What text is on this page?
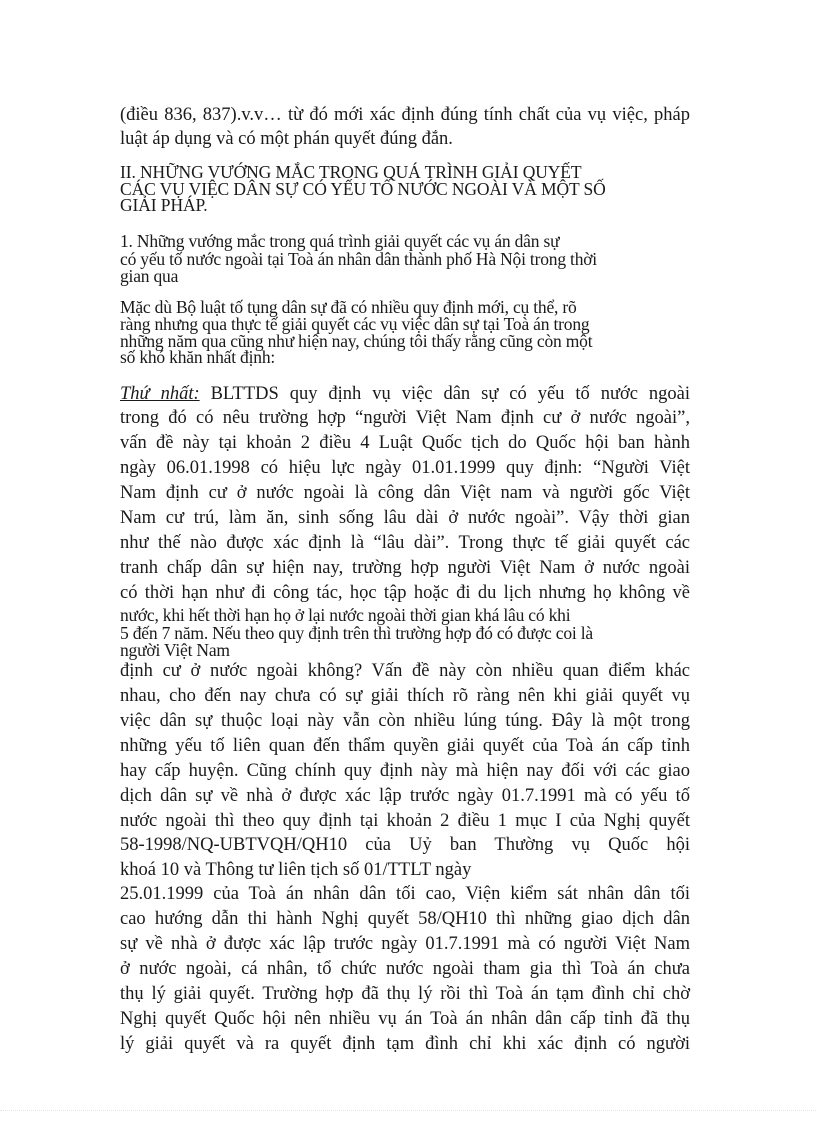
(điều 836, 837).v.v… từ đó mới xác định đúng tính chất của vụ việc, pháp
luật áp dụng và có một phán quyết đúng đắn.
II. NHỮNG VƯỚNG MẮC TRONG QUÁ TRÌNH GIẢI QUYẾT
CÁC VỤ VIỆC DÂN SỰ CÓ YẾU TỐ NƯỚC NGOÀI VÀ MỘT SỐ
GIẢI PHÁP.
1. Những vướng mắc trong quá trình giải quyết các vụ án dân sự
có yếu tố nước ngoài tại Toà án nhân dân thành phố Hà Nội trong thời
gian qua
Mặc dù Bộ luật tố tụng dân sự đã có nhiều quy định mới, cụ thể, rõ
ràng nhưng qua thực tế giải quyết các vụ việc dân sự tại Toà án trong
những năm qua cũng như hiện nay, chúng tôi thấy rằng cũng còn một
số khó khăn nhất định:
Thứ nhất: BLTTDS quy định vụ việc dân sự có yếu tố nước ngoài
trong đó có nêu trường hợp “người Việt Nam định cư ở nước ngoài”,
vấn đề này tại khoản 2 điều 4 Luật Quốc tịch do Quốc hội ban hành
ngày 06.01.1998 có hiệu lực ngày 01.01.1999 quy định: “Người Việt
Nam định cư ở nước ngoài là công dân Việt nam và người gốc Việt
Nam cư trú, làm ăn, sinh sống lâu dài ở nước ngoài”. Vậy thời gian
như thế nào được xác định là “lâu dài”. Trong thực tế giải quyết các
tranh chấp dân sự hiện nay, trường hợp người Việt Nam ở nước ngoài
có thời hạn như đi công tác, học tập hoặc đi du lịch nhưng họ không về
nước, khi hết thời hạn họ ở lại nước ngoài thời gian khá lâu có khi
5 đến 7 năm. Nếu theo quy định trên thì trường hợp đó có được coi là
người Việt Nam
định cư ở nước ngoài không? Vấn đề này còn nhiều quan điểm khác
nhau, cho đến nay chưa có sự giải thích rõ ràng nên khi giải quyết vụ
việc dân sự thuộc loại này vẫn còn nhiều lúng túng. Đây là một trong
những yếu tố liên quan đến thẩm quyền giải quyết của Toà án cấp tỉnh
hay cấp huyện. Cũng chính quy định này mà hiện nay đối với các giao
dịch dân sự về nhà ở được xác lập trước ngày 01.7.1991 mà có yếu tố
nước ngoài thì theo quy định tại khoản 2 điều 1 mục I của Nghị quyết
58-1998/NQ-UBTVQH/QH10 của Uỷ ban Thường vụ Quốc hội
khoá 10 và Thông tư liên tịch số 01/TTLT ngày
25.01.1999 của Toà án nhân dân tối cao, Viện kiểm sát nhân dân tối
cao hướng dẫn thi hành Nghị quyết 58/QH10 thì những giao dịch dân
sự về nhà ở được xác lập trước ngày 01.7.1991 mà có người Việt Nam
ở nước ngoài, cá nhân, tổ chức nước ngoài tham gia thì Toà án chưa
thụ lý giải quyết. Trường hợp đã thụ lý rồi thì Toà án tạm đình chỉ chờ
Nghị quyết Quốc hội nên nhiều vụ án Toà án nhân dân cấp tỉnh đã thụ
lý giải quyết và ra quyết định tạm đình chỉ khi xác định có người
